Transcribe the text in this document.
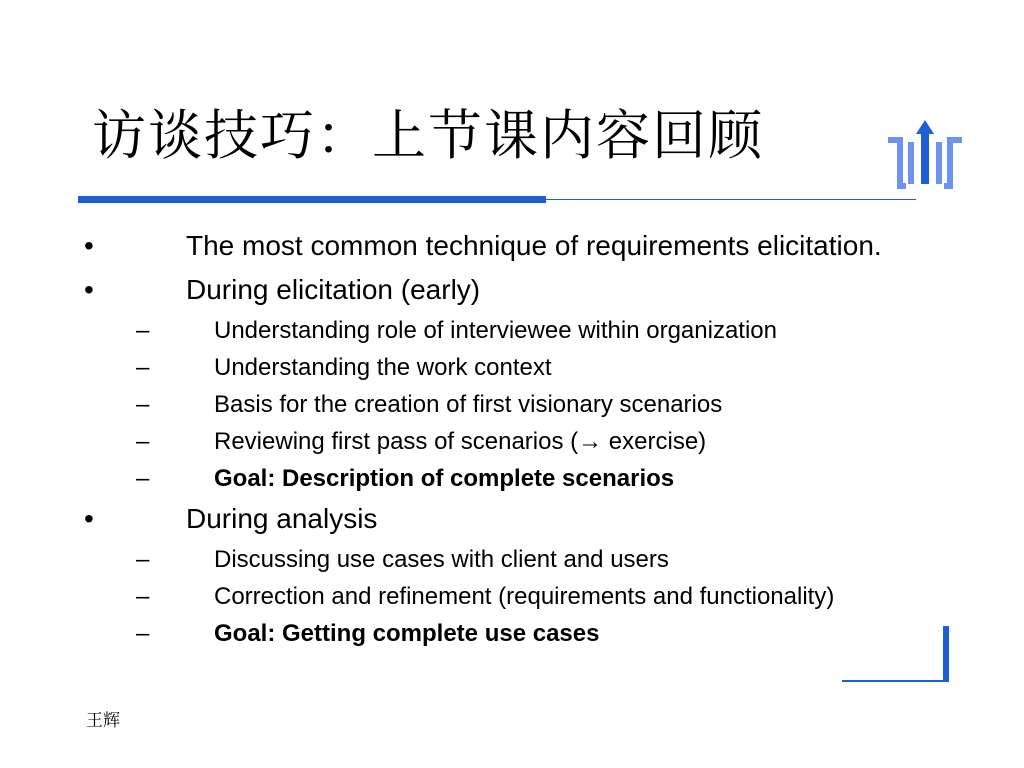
访谈技巧：上节课内容回顾
•	The most common technique of requirements elicitation.
•	During elicitation (early)
–	Understanding role of interviewee within organization
–	Understanding the work context
–	Basis for the creation of first visionary scenarios
–	Reviewing first pass of scenarios (→ exercise)
–	Goal: Description of complete scenarios
•	During analysis
–	Discussing use cases with client and users
–	Correction and refinement (requirements and functionality)
–	Goal: Getting complete use cases
王辉
